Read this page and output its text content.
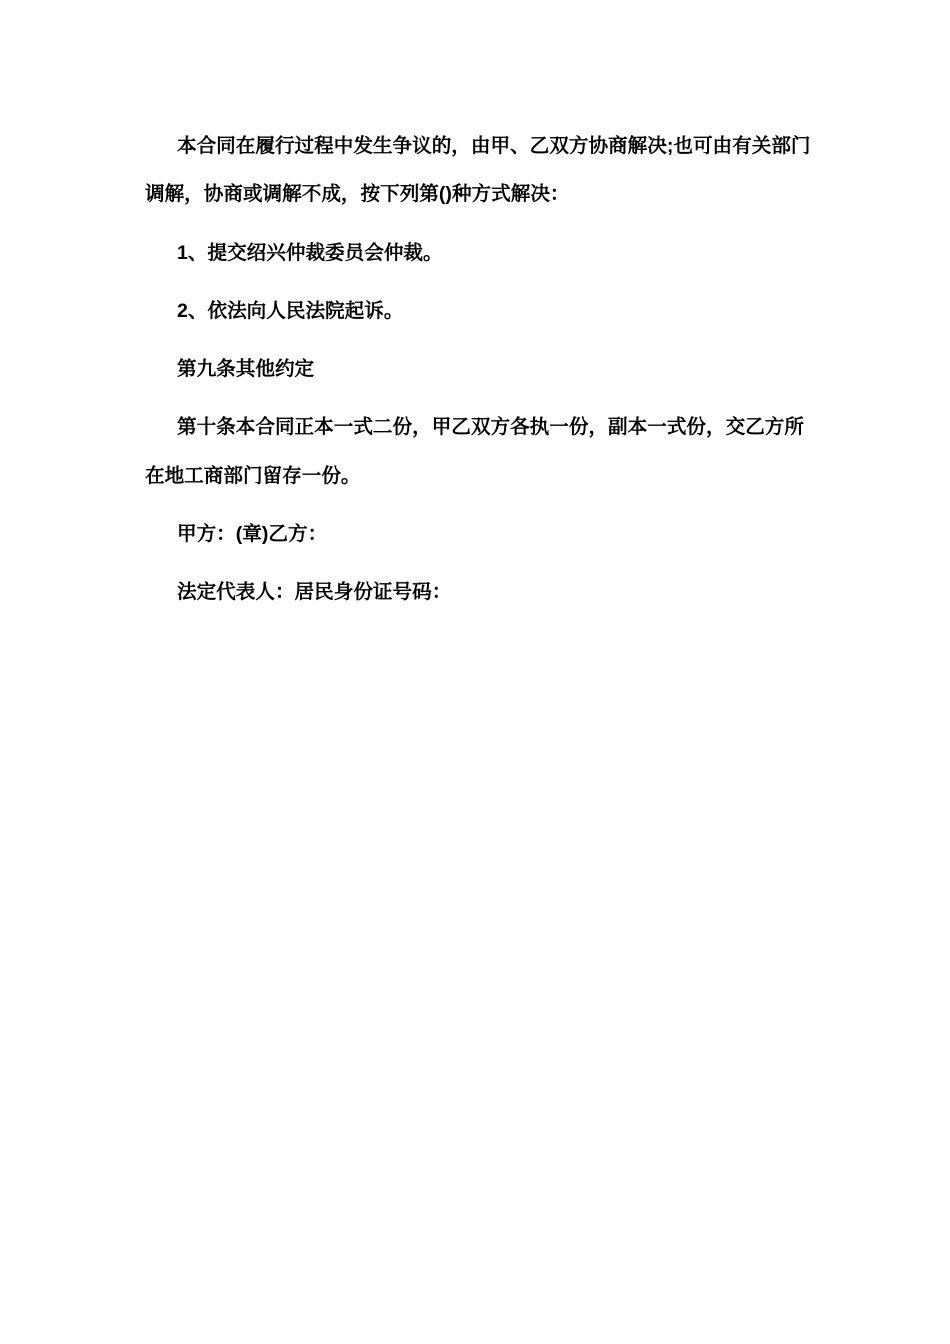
本合同在履行过程中发生争议的，由甲、乙双方协商解决;也可由有关部门
调解，协商或调解不成，按下列第()种方式解决：

1、提交绍兴仲裁委员会仲裁。

2、依法向人民法院起诉。

第九条其他约定

第十条本合同正本一式二份，甲乙双方各执一份，副本一式份，交乙方所
在地工商部门留存一份。

甲方：(章)乙方：

法定代表人：居民身份证号码：
